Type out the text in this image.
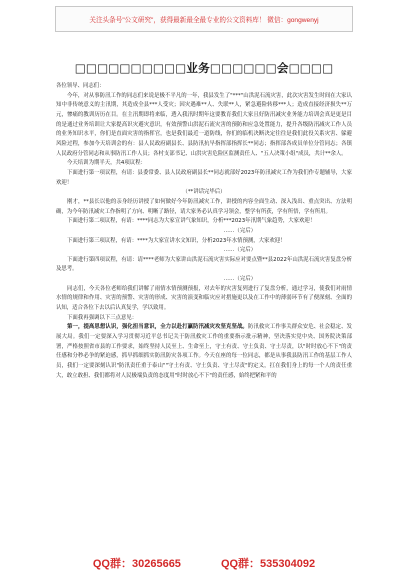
关注头条号"公文研究"，获得最新最全最专业的公文资料库！ 微信：gongwenyj
□□□□□□□□□□业务□□□□□□会□□□□

各位领导、同志们：

今年，对从事防汛工作的同志们来说是极不平凡的一年，我县发生了"***"山洪泥石流灾害，此次灾害发生时间在大家认知中非传统意义的主汛期，其造成全县***人受灾；因灾遇难**人、失联**人，紧急避险转移***人；造成直接经济损失**万元，惨痛的教训历历在目。在主汛期即将来临，透入我汛时期年这要教育我们大家且好防汛减灾业务能力培训会真是更是目的是通过业务培训让大家提高识灾避灾意识，有效预警山洪泥石流灾害的预防和应急处置能力，提升各级防汛减灾工作人员的业务知识水平，你们是直面灾害的指挥官，也是我们最近一道防线，你们的临机决断决定往往是我们此役关系灾害、躲避风险过程，参加今天培训会的有：县人民政府副县长、县防汛抗旱指挥部指挥长**同志；指挥部各成员单位分管同志；各镇人民政府分管同志和从事防汛工作人员；各村支部书记、山洪灾害危险区监测责任人、"五人决策小组"成员，共计**余人。

今天培训为期半天，共4项议程：

下面进行第一项议程，有请：县委常委、县人民政府副县长**同志就部好2023年防汛减灾工作为我们作专题辅导，大家欢迎！

（**讲话完毕后）

刚才，**县长以他的亲身经历讲授了如何做好今年防汛减灾工作，讲授的内容全面生动、深入浅出、重点突出、方法明确，为今年防汛减灾工作指明了方向、明晰了路径，请大家务必认真学习领会，整学有所获，学有所悟，学有所用。

下面进行第二项议程，有请：****同志为大家宣讲气象知识，分析***2023年汛期气象趋势，大家欢迎！

……（完后）

下面进行第三项议程，有请：****为大家宣讲水文知识，分析2023年水情预测，大家欢迎！

……（完后）

下面进行第四项议程，有请：请****老师为大家讲山洪泥石流灾害实际应对要点暨**县2022年山洪泥石流灾害复盘分析及思考。

……（完后）

同志们，今天各位老师给我们讲解了雨情水情预测预报，对去年的灾害复列进行了复盘分析，通过学习，使我们对雨情水情的规律和作用、灾害的预警、灾害的形成、灾害的演变和临灾应对措施更以及在工作中的薄弱环节有了便深刻、全面的认知，适合各位下去以后认真复学，学以致用。

下面我再强调以下三点意见：

第一，提高思想认识，强化担当意识，全力以赴打赢防汛减灾攻坚克坚战。防汛救灾工作事关群众安危、社会稳定、发展大局。我们一定要深入学习贯彻习近平总书记关于防汛救灾工作的重要指示批示精神，坚决落实党中央、国务院决策部署，严格按照省市县的工作要求，始终坚持人民至上、生命至上，守土有责、守土负责、守土尽责，以"时时放心不下"的责任感和分秒必争的紧迫感，抓早抓细抓实防汛防灾各项工作。今天在座的每一位同志，都是从事我县防汛工作的基层工作人员，我们一定要深刻认识"防汛责任重于泰山""守土有责、守土负责、守土尽责"的定义，扛在我们身上的每一个人的责任重大，敢立敢担、我们都将对人民极端负责的态度用"时时放心不下"的责任感，始终把紧和平的

QQ群：30265665	QQ群：535304092
